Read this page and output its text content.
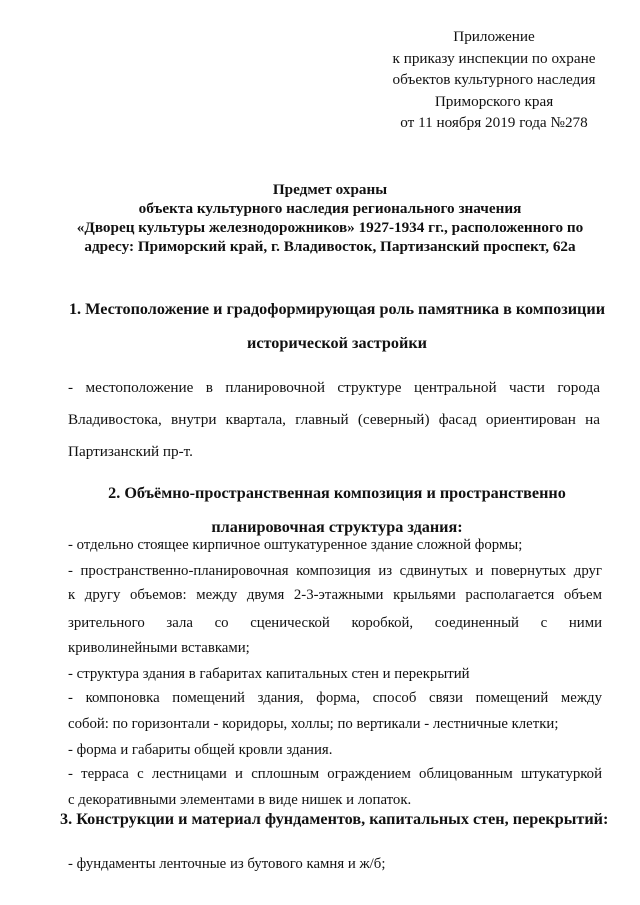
Приложение
к приказу инспекции по охране
объектов культурного наследия
Приморского края
от 11 ноября 2019 года №278
Предмет охраны
объекта культурного наследия регионального значения
«Дворец культуры железнодорожников» 1927-1934 гг., расположенного по
адресу: Приморский край, г. Владивосток, Партизанский проспект, 62а
1. Местоположение и градоформирующая роль памятника в композиции
исторической застройки
- местоположение в планировочной структуре центральной части города
Владивостока, внутри квартала, главный (северный) фасад ориентирован на
Партизанский пр-т.
2. Объёмно-пространственная композиция и пространственно
планировочная структура здания:
- отдельно стоящее кирпичное оштукатуренное здание сложной формы;
- пространственно-планировочная композиция из сдвинутых и повернутых друг
к другу объемов: между двумя 2-3-этажными крыльями располагается объем
зрительного зала со сценической коробкой, соединенный с ними
криволинейными вставками;
- структура здания в габаритах капитальных стен и перекрытий
- компоновка помещений здания, форма, способ связи помещений между
собой: по горизонтали - коридоры, холлы; по вертикали - лестничные клетки;
- форма и габариты общей кровли здания.
- терраса с лестницами и сплошным ограждением облицованным штукатуркой
с декоративными элементами в виде нишек и лопаток.
3. Конструкции и материал фундаментов, капитальных стен, перекрытий:
- фундаменты ленточные из бутового камня и ж/б;
